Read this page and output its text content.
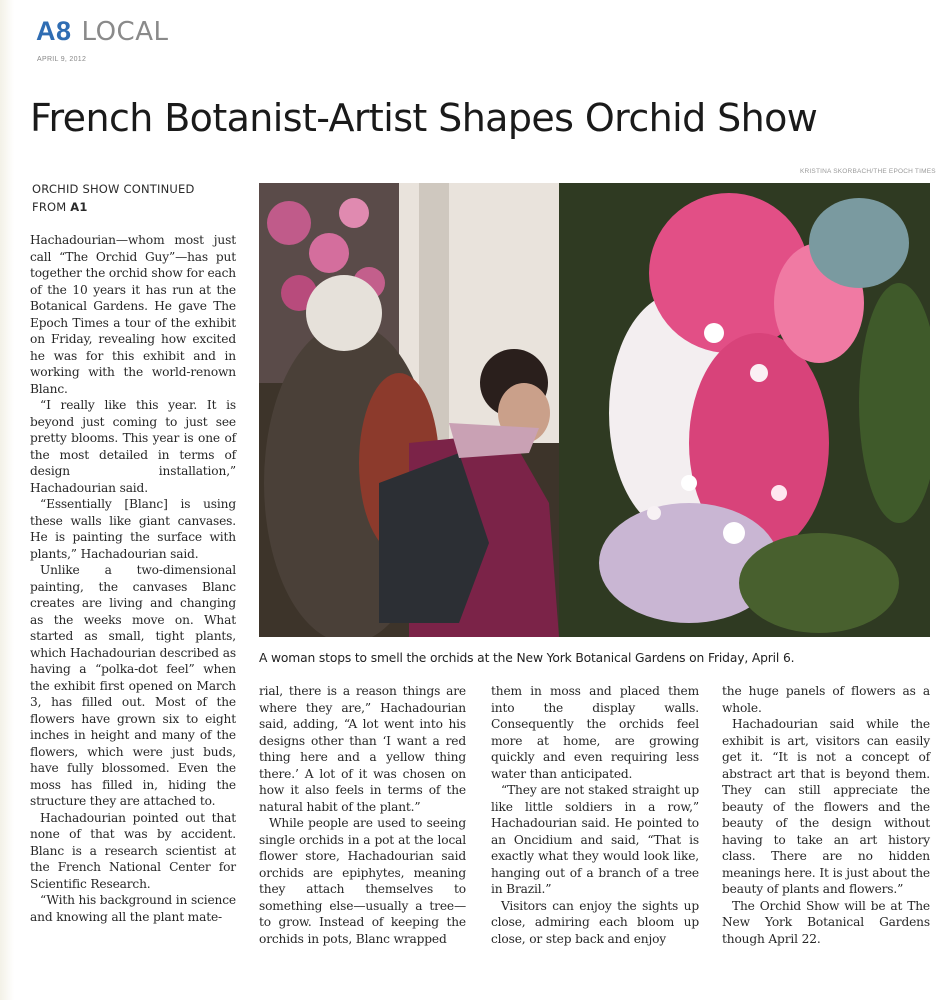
A8 LOCAL
APRIL 9, 2012
French Botanist-Artist Shapes Orchid Show
ORCHID SHOW CONTINUED FROM A1

Hachadourian—whom most just call “The Orchid Guy”—has put together the orchid show for each of the 10 years it has run at the Botanical Gardens. He gave The Epoch Times a tour of the exhibit on Friday, revealing how excited he was for this exhibit and in working with the world-renown Blanc.

“I really like this year. It is beyond just coming to just see pretty blooms. This year is one of the most detailed in terms of design installation,” Hachadourian said.

“Essentially [Blanc] is using these walls like giant canvases. He is painting the surface with plants,” Hachadourian said.

Unlike a two-dimensional painting, the canvases Blanc creates are living and changing as the weeks move on. What started as small, tight plants, which Hachadourian described as having a “polka-dot feel” when the exhibit first opened on March 3, has filled out. Most of the flowers have grown six to eight inches in height and many of the flowers, which were just buds, have fully blossomed. Even the moss has filled in, hiding the structure they are attached to.

Hachadourian pointed out that none of that was by accident. Blanc is a research scientist at the French National Center for Scientific Research.

“With his background in science and knowing all the plant mate-

KRISTINA SKORBACH/THE EPOCH TIMES
A woman stops to smell the orchids at the New York Botanical Gardens on Friday, April 6.

rial, there is a reason things are where they are,” Hachadourian said, adding, “A lot went into his designs other than ‘I want a red thing here and a yellow thing there.’ A lot of it was chosen on how it also feels in terms of the natural habit of the plant.”

While people are used to seeing single orchids in a pot at the local flower store, Hachadourian said orchids are epiphytes, meaning they attach themselves to something else—usually a tree—to grow. Instead of keeping the orchids in pots, Blanc wrapped

them in moss and placed them into the display walls. Consequently the orchids feel more at home, are growing quickly and even requiring less water than anticipated.

“They are not staked straight up like little soldiers in a row,” Hachadourian said. He pointed to an Oncidium and said, “That is exactly what they would look like, hanging out of a branch of a tree in Brazil.”

Visitors can enjoy the sights up close, admiring each bloom up close, or step back and enjoy

the huge panels of flowers as a whole.

Hachadourian said while the exhibit is art, visitors can easily get it. “It is not a concept of abstract art that is beyond them. They can still appreciate the beauty of the flowers and the beauty of the design without having to take an art history class. There are no hidden meanings here. It is just about the beauty of plants and flowers.”

The Orchid Show will be at The New York Botanical Gardens though April 22.
